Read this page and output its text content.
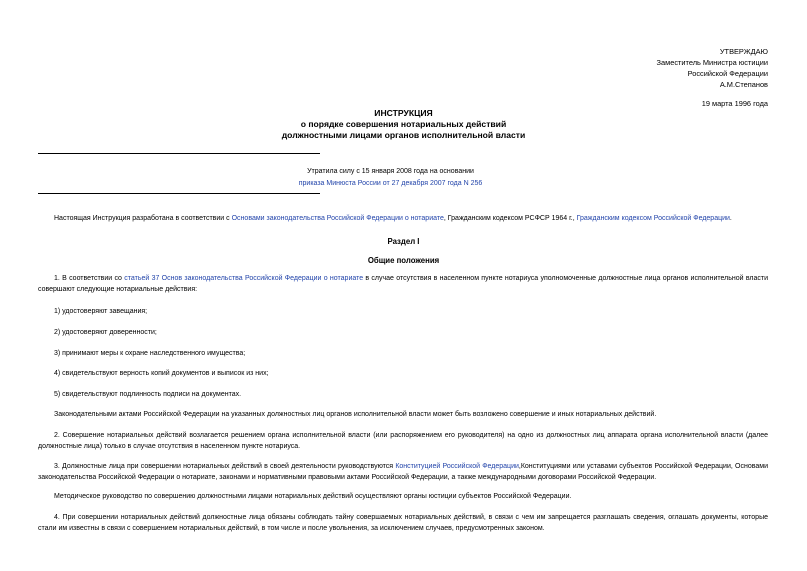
УТВЕРЖДАЮ
Заместитель Министра юстиции
Российской Федерации
А.М.Степанов
19 марта 1996 года
ИНСТРУКЦИЯ
о порядке совершения нотариальных действий
должностными лицами органов исполнительной власти
Утратила силу с 15 января 2008 года на основании
приказа Минюста России от 27 декабря 2007 года N 256
Настоящая Инструкция разработана в соответствии с Основами законодательства Российской Федерации о нотариате, Гражданским кодексом РСФСР 1964 г., Гражданским кодексом Российской Федерации.
Раздел I
Общие положения
1. В соответствии со статьей 37 Основ законодательства Российской Федерации о нотариате в случае отсутствия в населенном пункте нотариуса уполномоченные должностные лица органов исполнительной власти совершают следующие нотариальные действия:
1) удостоверяют завещания;
2) удостоверяют доверенности;
3) принимают меры к охране наследственного имущества;
4) свидетельствуют верность копий документов и выписок из них;
5) свидетельствуют подлинность подписи на документах.
Законодательными актами Российской Федерации на указанных должностных лиц органов исполнительной власти может быть возложено совершение и иных нотариальных действий.
2. Совершение нотариальных действий возлагается решением органа исполнительной власти (или распоряжением его руководителя) на одно из должностных лиц аппарата органа исполнительной власти (далее должностные лица) только в случае отсутствия в населенном пункте нотариуса.
3. Должностные лица при совершении нотариальных действий в своей деятельности руководствуются Конституцией Российской Федерации,Конституциями или уставами субъектов Российской Федерации, Основами законодательства Российской Федерации о нотариате, законами и нормативными правовыми актами Российской Федерации, а также международными договорами Российской Федерации.
Методическое руководство по совершению должностными лицами нотариальных действий осуществляют органы юстиции субъектов Российской Федерации.
4. При совершении нотариальных действий должностные лица обязаны соблюдать тайну совершаемых нотариальных действий, в связи с чем им запрещается разглашать сведения, оглашать документы, которые стали им известны в связи с совершением нотариальных действий, в том числе и после увольнения, за исключением случаев, предусмотренных законом.
